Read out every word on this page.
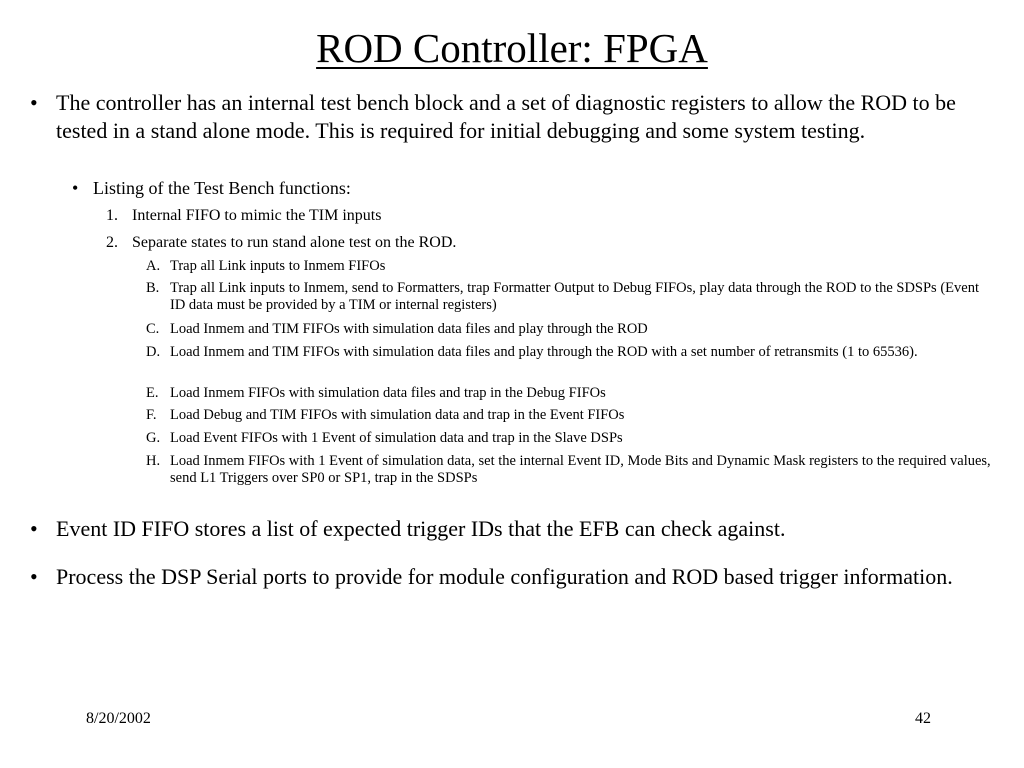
ROD Controller: FPGA
• The controller has an internal test bench block and a set of diagnostic registers to allow the ROD to be tested in a stand alone mode. This is required for initial debugging and some system testing.
• Listing of the Test Bench functions:
1. Internal FIFO to mimic the TIM inputs
2. Separate states to run stand alone test on the ROD.
A. Trap all Link inputs to Inmem FIFOs
B. Trap all Link inputs to Inmem, send to Formatters, trap Formatter Output to Debug FIFOs, play data through the ROD to the SDSPs (Event ID data must be provided by a TIM or internal registers)
C. Load Inmem and TIM FIFOs with simulation data files and play through the ROD
D. Load Inmem and TIM FIFOs with simulation data files and play through the ROD with a set number of retransmits (1 to 65536).
E. Load Inmem FIFOs with simulation data files and trap in the Debug FIFOs
F. Load Debug and TIM FIFOs with simulation data and trap in the Event FIFOs
G. Load Event FIFOs with 1 Event of simulation data and trap in the Slave DSPs
H. Load Inmem FIFOs with 1 Event of simulation data, set the internal Event ID, Mode Bits and Dynamic Mask registers to the required values, send L1 Triggers over SP0 or SP1, trap in the SDSPs
• Event ID FIFO stores a list of expected trigger IDs that the EFB can check against.
• Process the DSP Serial ports to provide for module configuration and ROD based trigger information.
8/20/2002	42
